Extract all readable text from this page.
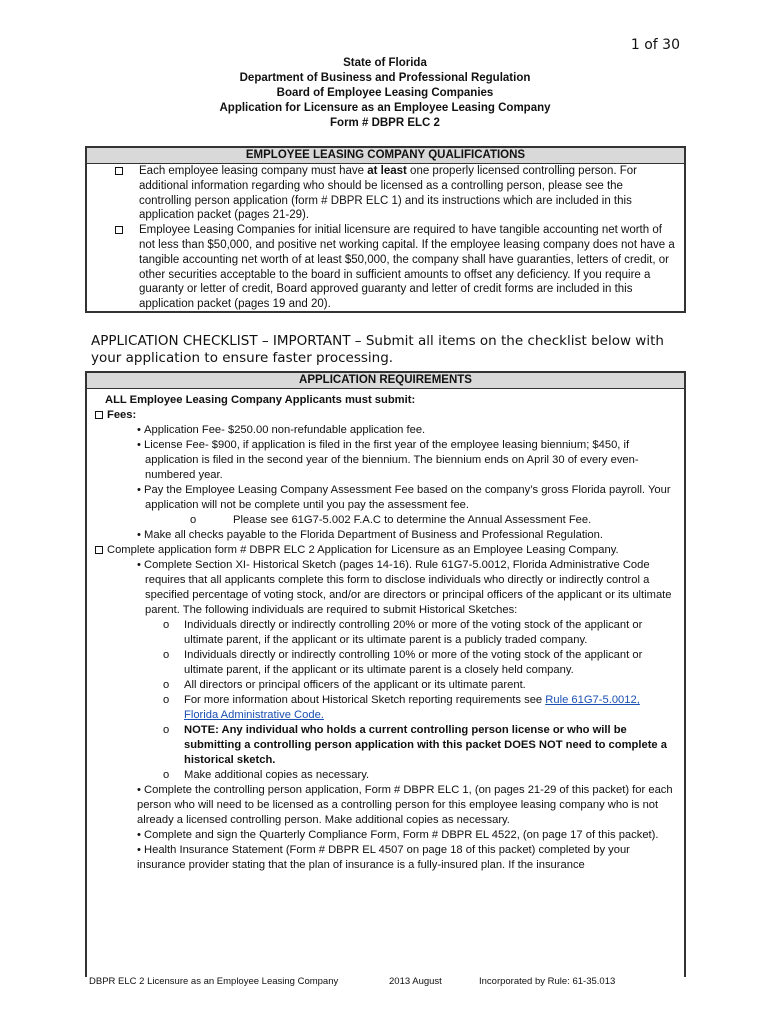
1 of 30
State of Florida
Department of Business and Professional Regulation
Board of Employee Leasing Companies
Application for Licensure as an Employee Leasing Company
Form # DBPR ELC 2
EMPLOYEE LEASING COMPANY QUALIFICATIONS
Each employee leasing company must have at least one properly licensed controlling person. For additional information regarding who should be licensed as a controlling person, please see the controlling person application (form # DBPR ELC 1) and its instructions which are included in this application packet (pages 21-29).
Employee Leasing Companies for initial licensure are required to have tangible accounting net worth of not less than $50,000, and positive net working capital. If the employee leasing company does not have a tangible accounting net worth of at least $50,000, the company shall have guaranties, letters of credit, or other securities acceptable to the board in sufficient amounts to offset any deficiency. If you require a guaranty or letter of credit, Board approved guaranty and letter of credit forms are included in this application packet (pages 19 and 20).
APPLICATION CHECKLIST – IMPORTANT – Submit all items on the checklist below with your application to ensure faster processing.
APPLICATION REQUIREMENTS
ALL Employee Leasing Company Applicants must submit:
Fees:
• Application Fee- $250.00 non-refundable application fee.
• License Fee- $900, if application is filed in the first year of the employee leasing biennium; $450, if application is filed in the second year of the biennium. The biennium ends on April 30 of every even-numbered year.
• Pay the Employee Leasing Company Assessment Fee based on the company’s gross Florida payroll. Your application will not be complete until you pay the assessment fee.
o	Please see 61G7-5.002 F.A.C to determine the Annual Assessment Fee.
• Make all checks payable to the Florida Department of Business and Professional Regulation.
Complete application form # DBPR ELC 2 Application for Licensure as an Employee Leasing Company.
• Complete Section XI- Historical Sketch (pages 14-16). Rule 61G7-5.0012, Florida Administrative Code requires that all applicants complete this form to disclose individuals who directly or indirectly control a specified percentage of voting stock, and/or are directors or principal officers of the applicant or its ultimate parent. The following individuals are required to submit Historical Sketches:
o Individuals directly or indirectly controlling 20% or more of the voting stock of the applicant or ultimate parent, if the applicant or its ultimate parent is a publicly traded company.
o Individuals directly or indirectly controlling 10% or more of the voting stock of the applicant or ultimate parent, if the applicant or its ultimate parent is a closely held company.
o All directors or principal officers of the applicant or its ultimate parent.
o For more information about Historical Sketch reporting requirements see Rule 61G7-5.0012, Florida Administrative Code.
o NOTE: Any individual who holds a current controlling person license or who will be submitting a controlling person application with this packet DOES NOT need to complete a historical sketch.
o Make additional copies as necessary.
• Complete the controlling person application, Form # DBPR ELC 1, (on pages 21-29 of this packet) for each person who will need to be licensed as a controlling person for this employee leasing company who is not already a licensed controlling person. Make additional copies as necessary.
• Complete and sign the Quarterly Compliance Form, Form # DBPR EL 4522, (on page 17 of this packet).
• Health Insurance Statement (Form # DBPR EL 4507 on page 18 of this packet) completed by your insurance provider stating that the plan of insurance is a fully-insured plan. If the insurance
DBPR ELC 2 Licensure as an Employee Leasing Company	2013 August	Incorporated by Rule: 61-35.013
